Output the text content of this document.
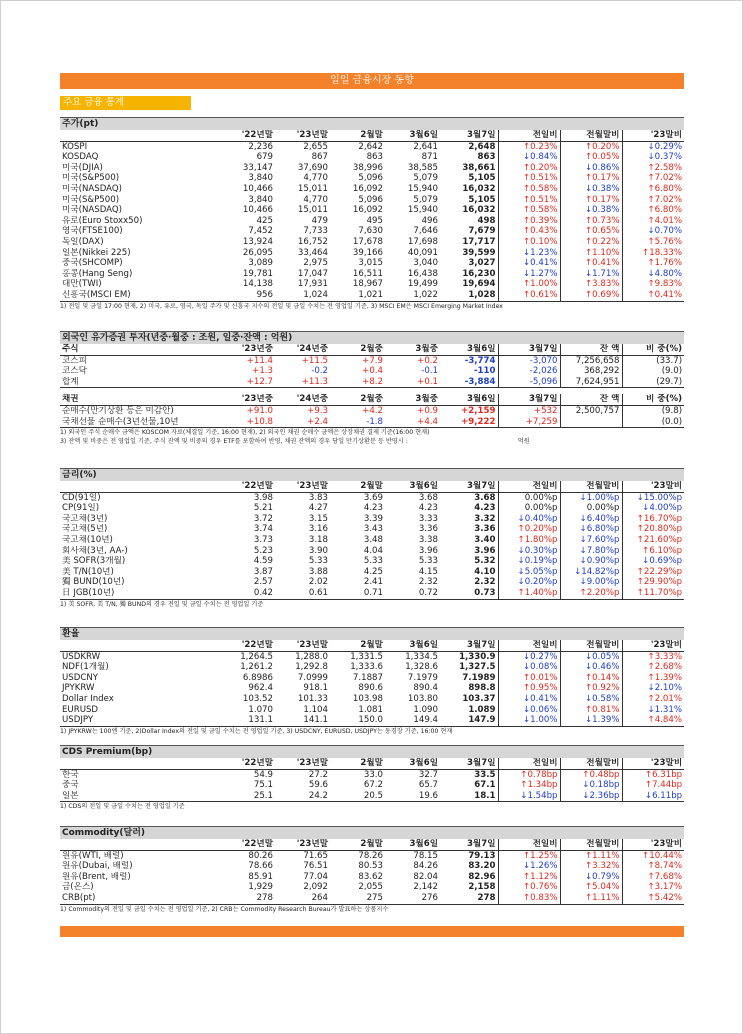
일일 금융시장 동향
주요 금융 통계
주가(pt)								
	'22년말	'23년말	2월말	3월6일	3월7일	전일비	전월말비	'23말비
KOSPI	2,236	2,655	2,642	2,641	2,648	↑0.23%	↑0.20%	↓0.29%
KOSDAQ	679	867	863	871	863	↓0.84%	↑0.05%	↓0.37%
미국(DJIA)	33,147	37,690	38,996	38,585	38,661	↑0.20%	↓0.86%	↑2.58%
미국(S&P500)	3,840	4,770	5,096	5,079	5,105	↑0.51%	↑0.17%	↑7.02%
미국(NASDAQ)	10,466	15,011	16,092	15,940	16,032	↑0.58%	↓0.38%	↑6.80%
미국(S&P500)	3,840	4,770	5,096	5,079	5,105	↑0.51%	↑0.17%	↑7.02%
미국(NASDAQ)	10,466	15,011	16,092	15,940	16,032	↑0.58%	↓0.38%	↑6.80%
유로(Euro Stoxx50)	425	479	495	496	498	↑0.39%	↑0.73%	↑4.01%
영국(FTSE100)	7,452	7,733	7,630	7,646	7,679	↑0.43%	↑0.65%	↓0.70%
독일(DAX)	13,924	16,752	17,678	17,698	17,717	↑0.10%	↑0.22%	↑5.76%
일본(Nikkei 225)	26,095	33,464	39,166	40,091	39,599	↓1.23%	↑1.10%	↑18.33%
중국(SHCOMP)	3,089	2,975	3,015	3,040	3,027	↓0.41%	↑0.41%	↑1.76%
홍콩(Hang Seng)	19,781	17,047	16,511	16,438	16,230	↓1.27%	↓1.71%	↓4.80%
대만(TWI)	14,138	17,931	18,967	19,499	19,694	↑1.00%	↑3.83%	↑9.83%
신흥국(MSCI EM)	956	1,024	1,021	1,022	1,028	↑0.61%	↑0.69%	↑0.41%
1) 전일 및 금일 17:00 현재, 2) 미국, 유로, 영국, 독일 주가 및 신흥국 지수의 전일 및 금일 수치는 전 영업일 기준, 3) MSCI EM은 MSCI Emerging Market Index
외국인 유가증권 투자(년중·월중 : 조원, 일중·잔액 : 억원)								
주식	'23년중	'24년중	2월중	3월중	3월6일	3월7일	잔 액	비 중(%)
코스피	+11.4	+11.5	+7.9	+0.2	-3,774	-3,070	7,256,658	(33.7)
코스닥	+1.3	-0.2	+0.4	-0.1	-110	-2,026	368,292	(9.0)
합계	+12.7	+11.3	+8.2	+0.1	-3,884	-5,096	7,624,951	(29.7)

채권	'23년중	'24년중	2월중	3월중	3월6일	3월7일	잔 액	비 중(%)
순매수(만기상환 등은 미감안)	+91.0	+9.3	+4.2	+0.9	+2,159	+532	2,500,757	(9.8)
국채선물 순매수(3년선물,10년	+10.8	+2.4	-1.8	+4.4	+9,222	+7,259		(0.0)
1) 외국인 주식 순매수 금액은 KOSCOM 자료(체결일 기준, 16:00 현재), 2) 외국인 채권 순매수 금액은 상장채권 결제 기준(16:00 현재)
3) 잔액 및 비중은 전 영업일 기준, 주식 잔액 및 비중의 경우 ETF를 포함하여 반영, 채권 잔액의 경우 당일 만기상환분 등 반영시 :	억원
금리(%)								
	'22년말	'23년말	2월말	3월6일	3월7일	전일비	전월말비	'23말비
CD(91일)	3.98	3.83	3.69	3.68	3.68	0.00%p	↓1.00%p	↓15.00%p
CP(91일)	5.21	4.27	4.23	4.23	4.23	0.00%p	0.00%p	↓4.00%p
국고채(3년)	3.72	3.15	3.39	3.33	3.32	↓0.40%p	↓6.40%p	↑16.70%p
국고채(5년)	3.74	3.16	3.43	3.36	3.36	↑0.20%p	↓6.80%p	↑20.80%p
국고채(10년)	3.73	3.18	3.48	3.38	3.40	↑1.80%p	↓7.60%p	↑21.60%p
회사채(3년, AA-)	5.23	3.90	4.04	3.96	3.96	↓0.30%p	↓7.80%p	↑6.10%p
美 SOFR(3개월)	4.59	5.33	5.33	5.33	5.32	↓0.19%p	↓0.90%p	↓0.69%p
美 T/N(10년)	3.87	3.88	4.25	4.15	4.10	↓5.05%p	↓14.82%p	↑22.29%p
獨 BUND(10년)	2.57	2.02	2.41	2.32	2.32	↓0.20%p	↓9.00%p	↑29.90%p
日 JGB(10년)	0.42	0.61	0.71	0.72	0.73	↑1.40%p	↑2.20%p	↑11.70%p
1) 美 SOFR, 美 T/N, 獨 BUND의 경우 전일 및 금일 수치는 전 영업일 기준
환율								
	'22년말	'23년말	2월말	3월6일	3월7일	전일비	전월말비	'23말비
USDKRW	1,264.5	1,288.0	1,331.5	1,334.5	1,330.9	↓0.27%	↓0.05%	↑3.33%
NDF(1개월)	1,261.2	1,292.8	1,333.6	1,328.6	1,327.5	↓0.08%	↓0.46%	↑2.68%
USDCNY	6.8986	7.0999	7.1887	7.1979	7.1989	↑0.01%	↑0.14%	↑1.39%
JPYKRW	962.4	918.1	890.6	890.4	898.8	↑0.95%	↑0.92%	↓2.10%
Dollar Index	103.52	101.33	103.98	103.80	103.37	↓0.41%	↓0.58%	↑2.01%
EURUSD	1.070	1.104	1.081	1.090	1.089	↓0.06%	↑0.81%	↓1.31%
USDJPY	131.1	141.1	150.0	149.4	147.9	↓1.00%	↓1.39%	↑4.84%
1) JPYKRW는 100엔 기준, 2)Dollar Index의 전일 및 금일 수치는 전 영업일 기준, 3) USDCNY, EURUSD, USDJPY는 동경장 기준, 16:00 현재
CDS Premium(bp)								
	'22년말	'23년말	2월말	3월6일	3월7일	전일비	전월말비	'23말비
한국	54.9	27.2	33.0	32.7	33.5	↑0.78bp	↑0.48bp	↑6.31bp
중국	75.1	59.6	67.2	65.7	67.1	↑1.34bp	↓0.18bp	↑7.44bp
일본	25.1	24.2	20.5	19.6	18.1	↓1.54bp	↓2.36bp	↓6.11bp
1) CDS의 전일 및 금일 수치는 전 영업일 기준
Commodity(달러)								
	'22년말	'23년말	2월말	3월6일	3월7일	전일비	전월말비	'23말비
원유(WTI, 배럴)	80.26	71.65	78.26	78.15	79.13	↑1.25%	↑1.11%	↑10.44%
원유(Dubai, 배럴)	78.66	76.51	80.53	84.26	83.20	↓1.26%	↑3.32%	↑8.74%
원유(Brent, 배럴)	85.91	77.04	83.62	82.04	82.96	↑1.12%	↓0.79%	↑7.68%
금(온스)	1,929	2,092	2,055	2,142	2,158	↑0.76%	↑5.04%	↑3.17%
CRB(pt)	278	264	275	276	278	↑0.83%	↑1.11%	↑5.42%
1) Commodity의 전일 및 금일 수치는 전 영업일 기준, 2) CRB는 Commodity Research Bureau가 발표하는 상품지수
